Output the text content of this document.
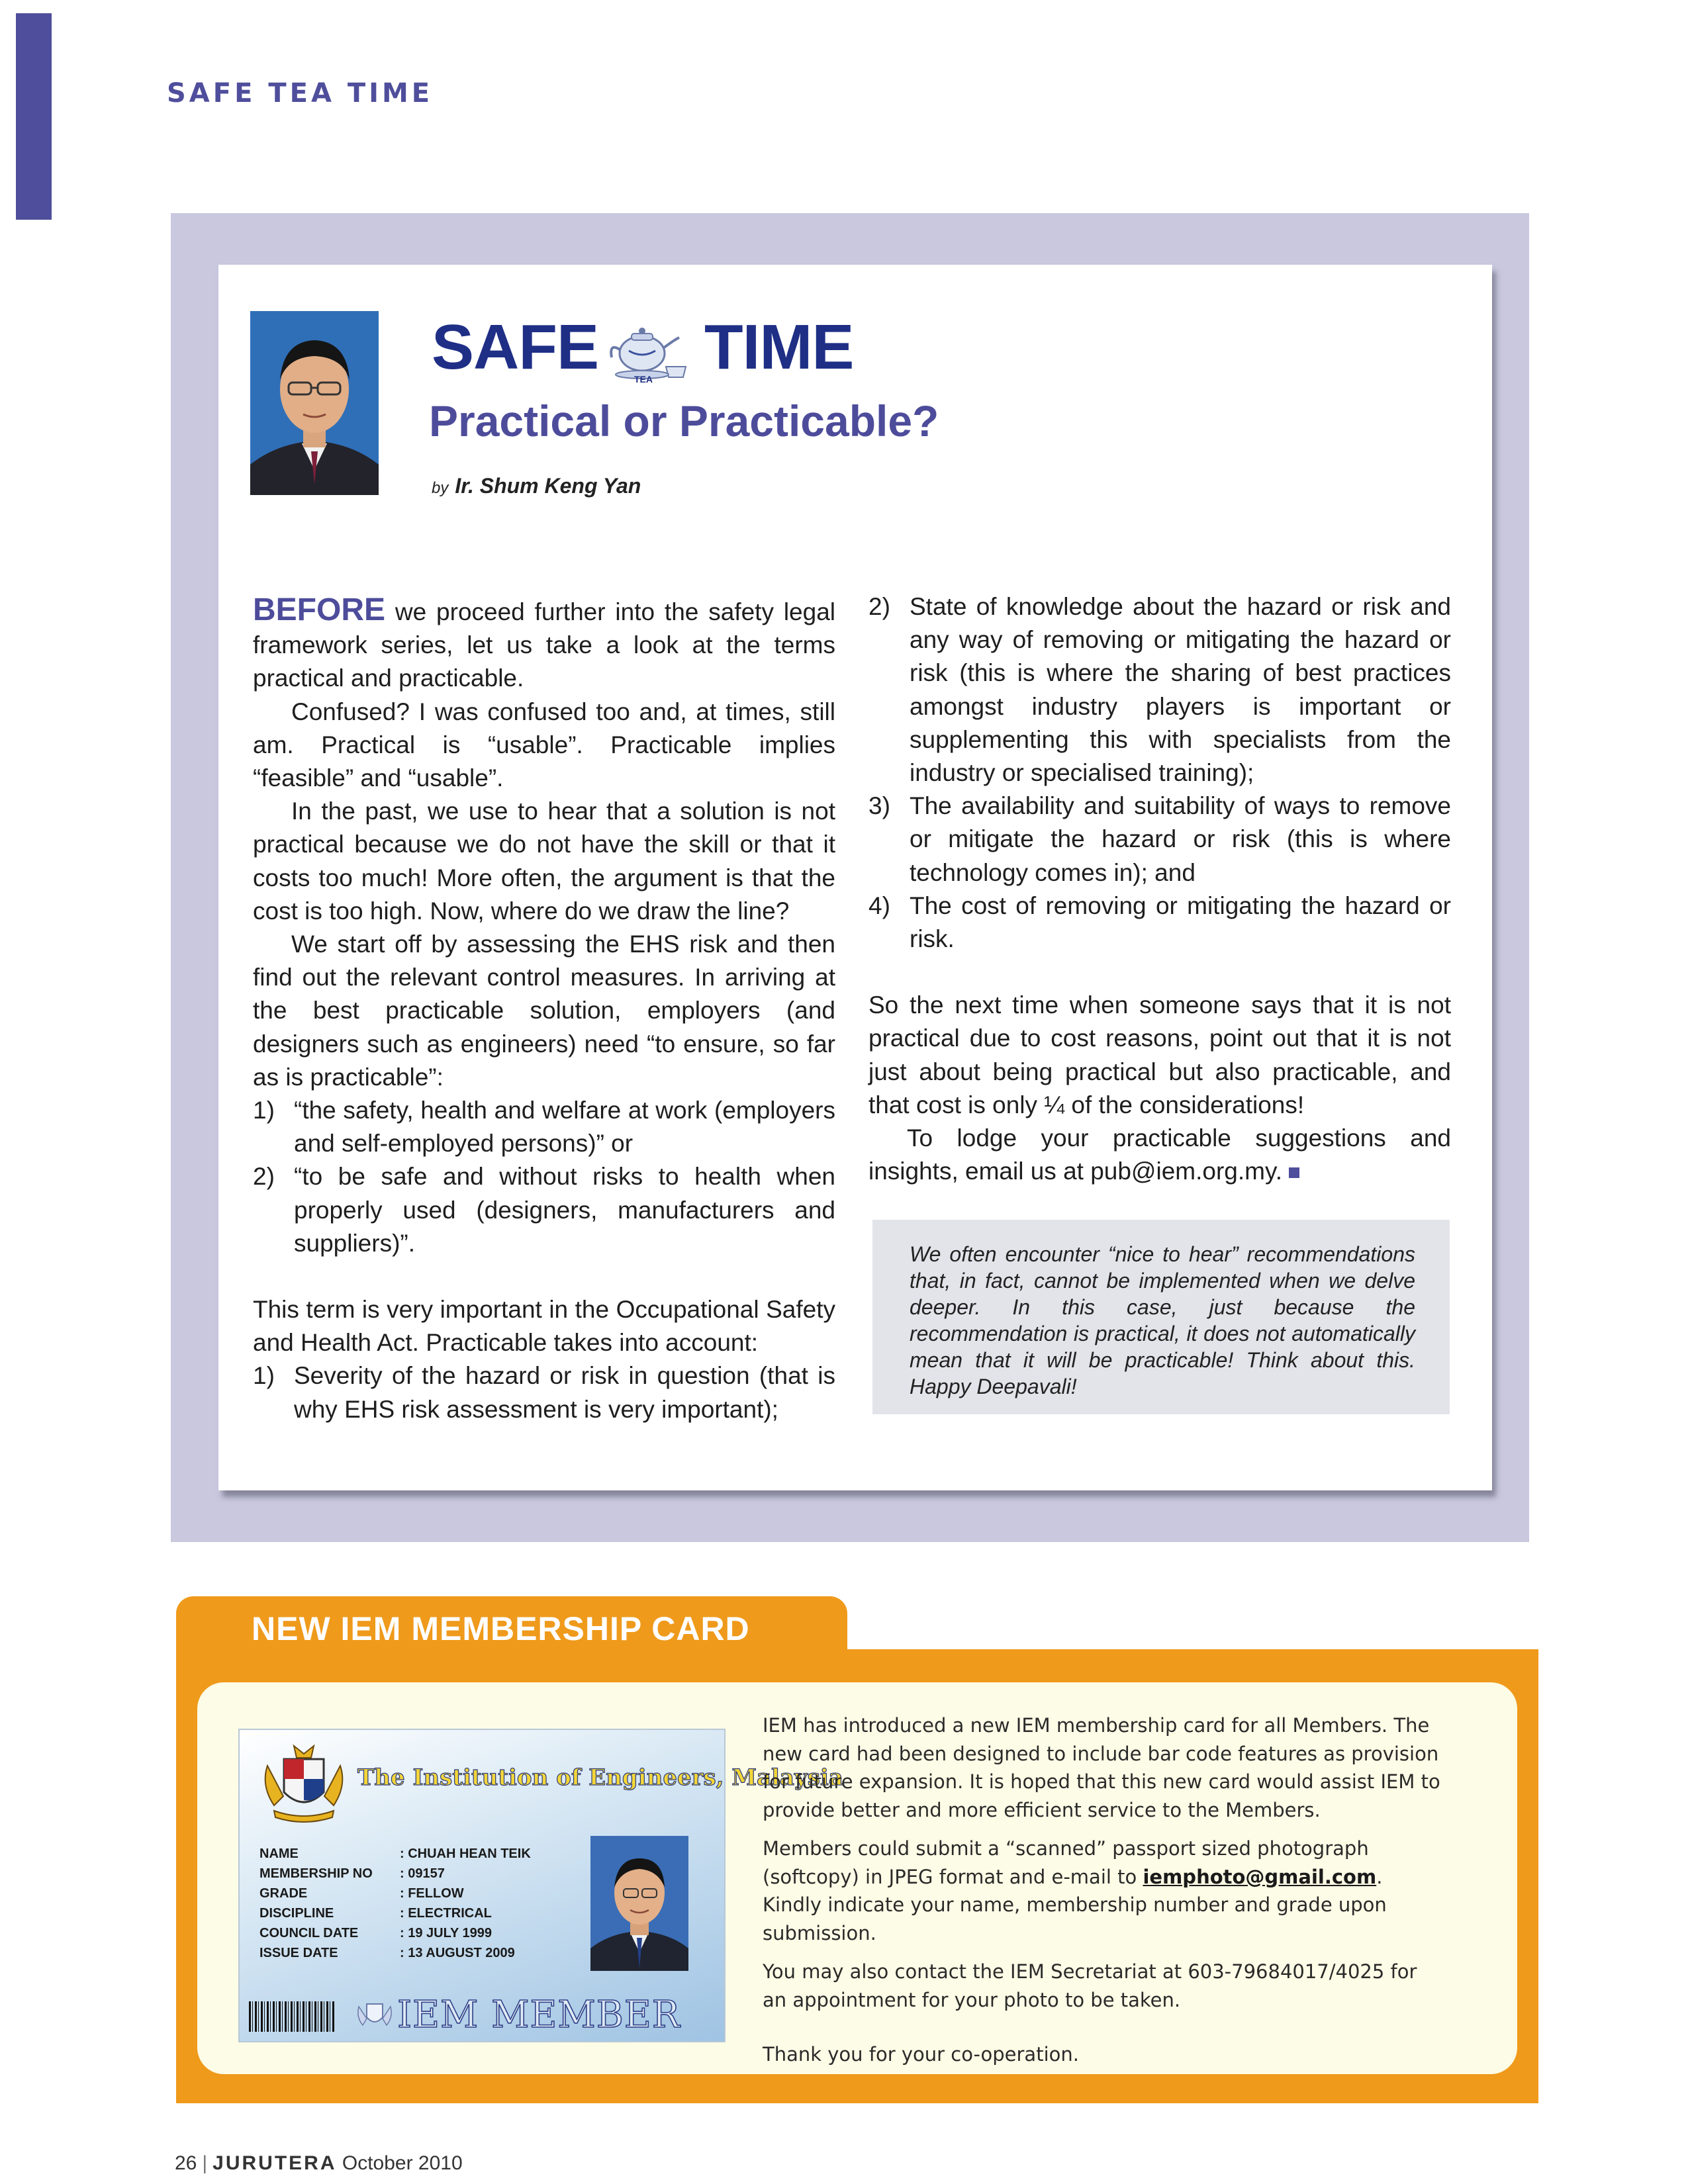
SAFE TEA TIME
SAFE	TEA TIME
Practical or Practicable?
by Ir. Shum Keng Yan

BEFORE we proceed further into the safety legal framework series, let us take a look at the terms practical and practicable.

Confused? I was confused too and, at times, still am. Practical is “usable”. Practicable implies “feasible” and “usable”.

In the past, we use to hear that a solution is not practical because we do not have the skill or that it costs too much! More often, the argument is that the cost is too high. Now, where do we draw the line?

We start off by assessing the EHS risk and then find out the relevant control measures. In arriving at the best practicable solution, employers (and designers such as engineers) need “to ensure, so far as is practicable”:

1) “the safety, health and welfare at work (employers and self-employed persons)” or
2) “to be safe and without risks to health when properly used (designers, manufacturers and suppliers)”.

This term is very important in the Occupational Safety and Health Act. Practicable takes into account:

1) Severity of the hazard or risk in question (that is why EHS risk assessment is very important);
2) State of knowledge about the hazard or risk and any way of removing or mitigating the hazard or risk (this is where the sharing of best practices amongst industry players is important or supplementing this with specialists from the industry or specialised training);
3) The availability and suitability of ways to remove or mitigate the hazard or risk (this is where technology comes in); and
4) The cost of removing or mitigating the hazard or risk.

So the next time when someone says that it is not practical due to cost reasons, point out that it is not just about being practical but also practicable, and that cost is only ¼ of the considerations!

To lodge your practicable suggestions and insights, email us at pub@iem.org.my.

We often encounter “nice to hear” recommendations that, in fact, cannot be implemented when we delve deeper. In this case, just because the recommendation is practical, it does not automatically mean that it will be practicable! Think about this. Happy Deepavali!
NEW IEM MEMBERSHIP CARD
The Institution of Engineers, Malaysia
NAME	: CHUAH HEAN TEIK
MEMBERSHIP NO : 09157
GRADE	: FELLOW
DISCIPLINE	: ELECTRICAL
COUNCIL DATE	: 19 JULY 1999
ISSUE DATE	: 13 AUGUST 2009
IEM MEMBER

IEM has introduced a new IEM membership card for all Members. The new card had been designed to include bar code features as provision for future expansion. It is hoped that this new card would assist IEM to provide better and more efficient service to the Members.

Members could submit a “scanned” passport sized photograph (softcopy) in JPEG format and e-mail to iemphoto@gmail.com. Kindly indicate your name, membership number and grade upon submission.

You may also contact the IEM Secretariat at 603-79684017/4025 for an appointment for your photo to be taken.

Thank you for your co-operation.

26 | JURUTERA October 2010
